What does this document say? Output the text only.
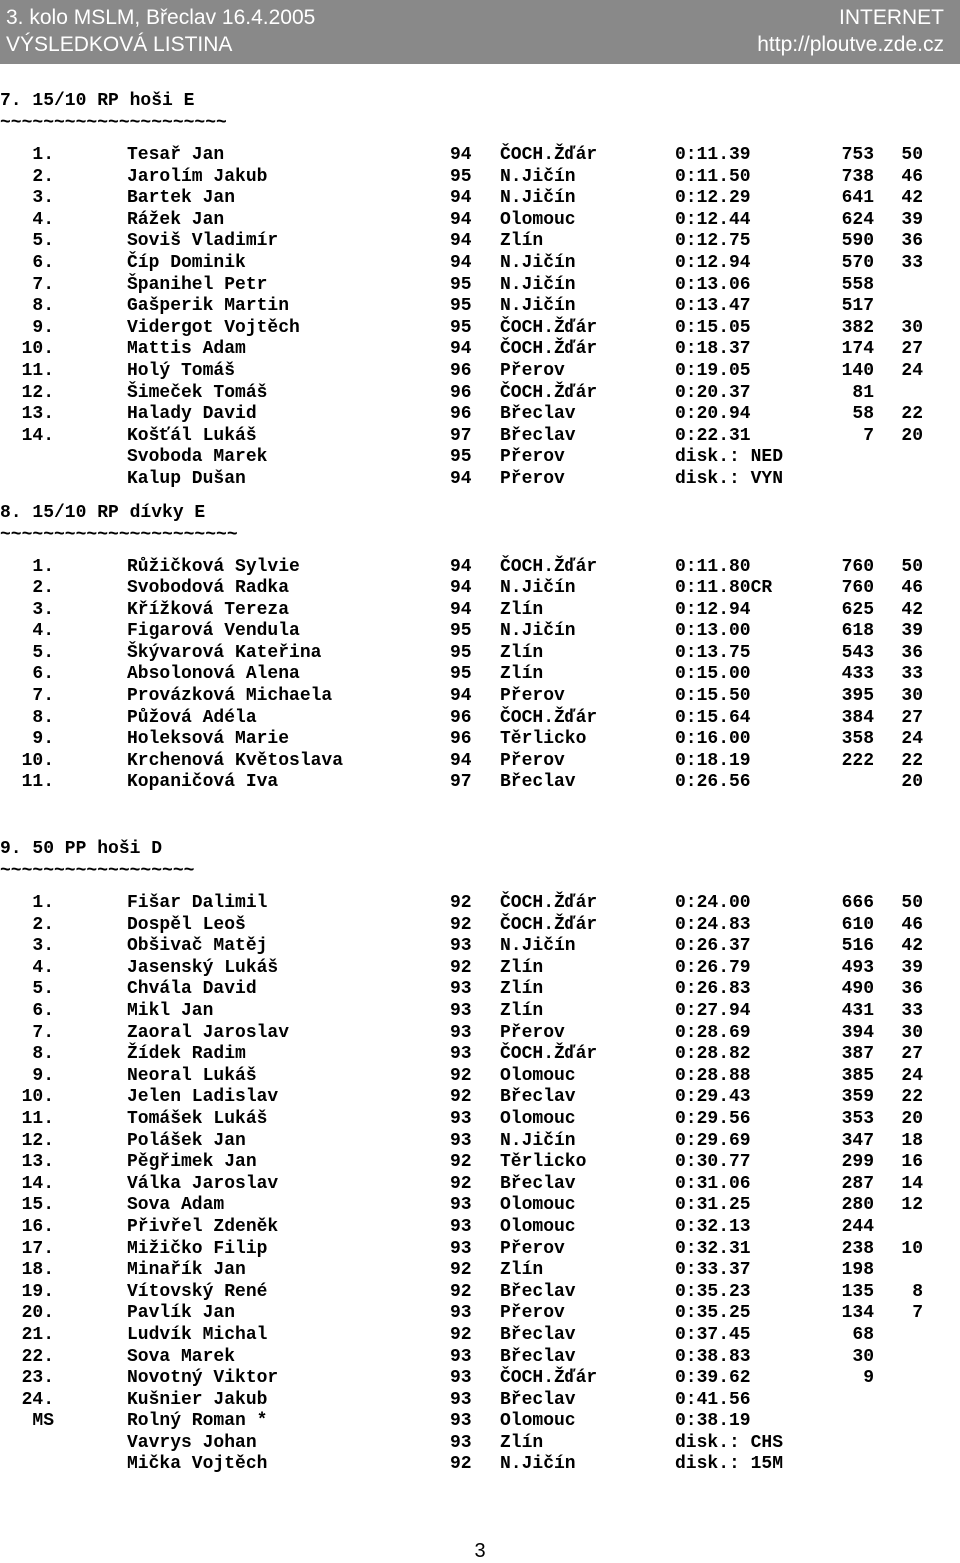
3. kolo MSLM, Břeclav 16.4.2005
VÝSLEDKOVÁ LISTINA
INTERNET
http://ploutve.zde.cz
7. 15/10 RP hoši E
~~~~~~~~~~~~~~~~~~~~~
1.	Tesař Jan	94 ČOCH.Žďár	0:11.39	753	50
2.	Jarolím Jakub	95 N.Jičín	0:11.50	738	46
3.	Bartek Jan	94 N.Jičín	0:12.29	641	42
4.	Rážek Jan	94 Olomouc	0:12.44	624	39
5.	Soviš Vladimír	94 Zlín	0:12.75	590	36
6.	Číp Dominik	94 N.Jičín	0:12.94	570	33
7.	Španihel Petr	95 N.Jičín	0:13.06	558
8.	Gašperik Martin	95 N.Jičín	0:13.47	517
9.	Vidergot Vojtěch	95 ČOCH.Žďár	0:15.05	382	30
10.	Mattis Adam	94 ČOCH.Žďár	0:18.37	174	27
11.	Holý Tomáš	96 Přerov	0:19.05	140	24
12.	Šimeček Tomáš	96 ČOCH.Žďár	0:20.37	81
13.	Halady David	96 Břeclav	0:20.94	58	22
14.	Košťál Lukáš	97 Břeclav	0:22.31	7	20
Svoboda Marek	95 Přerov	disk.: NED
Kalup Dušan	94 Přerov	disk.: VYN
8. 15/10 RP dívky E
~~~~~~~~~~~~~~~~~~~~~~
1.	Růžičková Sylvie	94 ČOCH.Žďár	0:11.80	760	50
2.	Svobodová Radka	94 N.Jičín	0:11.80CR	760	46
3.	Křížková Tereza	94 Zlín	0:12.94	625	42
4.	Figarová Vendula	95 N.Jičín	0:13.00	618	39
5.	Škývarová Kateřina	95 Zlín	0:13.75	543	36
6.	Absolonová Alena	95 Zlín	0:15.00	433	33
7.	Provázková Michaela	94 Přerov	0:15.50	395	30
8.	Půžová Adéla	96 ČOCH.Žďár	0:15.64	384	27
9.	Holeksová Marie	96 Těrlicko	0:16.00	358	24
10.	Krchenová Květoslava	94 Přerov	0:18.19	222	22
11.	Kopaničová Iva	97 Břeclav	0:26.56	20
9. 50 PP hoši D
~~~~~~~~~~~~~~~~~~
1.	Fišar Dalimil	92 ČOCH.Žďár	0:24.00	666	50
2.	Dospěl Leoš	92 ČOCH.Žďár	0:24.83	610	46
3.	Obšivač Matěj	93 N.Jičín	0:26.37	516	42
4.	Jasenský Lukáš	92 Zlín	0:26.79	493	39
5.	Chvála David	93 Zlín	0:26.83	490	36
6.	Mikl Jan	93 Zlín	0:27.94	431	33
7.	Zaoral Jaroslav	93 Přerov	0:28.69	394	30
8.	Žídek Radim	93 ČOCH.Žďár	0:28.82	387	27
9.	Neoral Lukáš	92 Olomouc	0:28.88	385	24
10.	Jelen Ladislav	92 Břeclav	0:29.43	359	22
11.	Tomášek Lukáš	93 Olomouc	0:29.56	353	20
12.	Polášek Jan	93 N.Jičín	0:29.69	347	18
13.	Pěgřimek Jan	92 Těrlicko	0:30.77	299	16
14.	Válka Jaroslav	92 Břeclav	0:31.06	287	14
15.	Sova Adam	93 Olomouc	0:31.25	280	12
16.	Přivřel Zdeněk	93 Olomouc	0:32.13	244
17.	Mižičko Filip	93 Přerov	0:32.31	238	10
18.	Minařík Jan	92 Zlín	0:33.37	198
19.	Vítovský René	92 Břeclav	0:35.23	135	8
20.	Pavlík Jan	93 Přerov	0:35.25	134	7
21.	Ludvík Michal	92 Břeclav	0:37.45	68
22.	Sova Marek	93 Břeclav	0:38.83	30
23.	Novotný Viktor	93 ČOCH.Žďár	0:39.62	9
24.	Kušnier Jakub	93 Břeclav	0:41.56
MS	Rolný Roman *	93 Olomouc	0:38.19
Vavrys Johan	93 Zlín	disk.: CHS
Mička Vojtěch	92 N.Jičín	disk.: 15M
3
